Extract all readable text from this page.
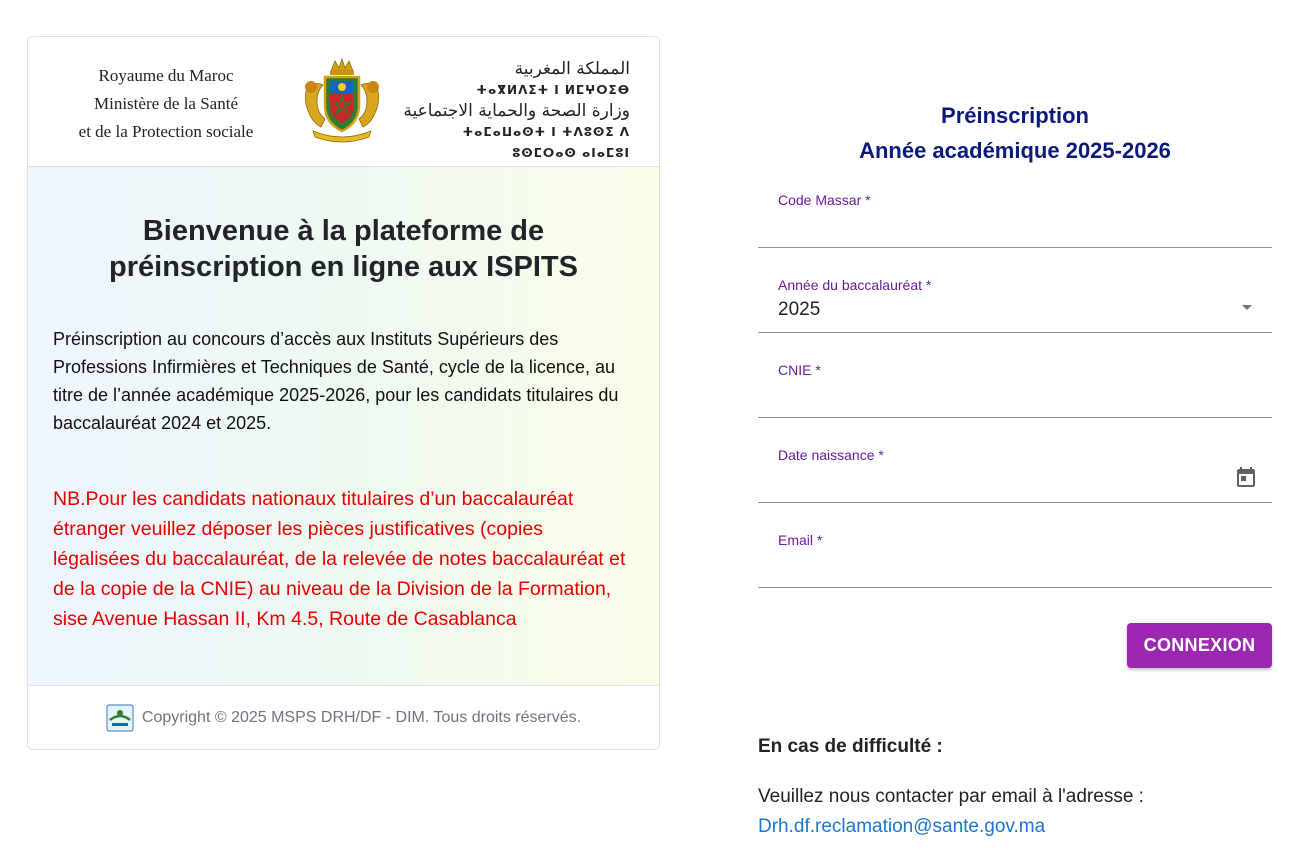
Royaume du Maroc
Ministère de la Santé
et de la Protection sociale
المملكة المغربية
ⵜⴰⴳⵍⴷⵉⵜ ⵏ ⵍⵎⵖⵔⵉⴱ
وزارة الصحة والحماية الاجتماعية
ⵜⴰⵎⴰⵡⴰⵙⵜ ⵏ ⵜⴷⵓⵙⵉ ⴷ ⵓⵙⵎⵔⴰⵙ ⴰⵏⴰⵎⵓⵏ
Bienvenue à la plateforme de préinscription en ligne aux ISPITS

Préinscription au concours d’accès aux Instituts Supérieurs des Professions Infirmières et Techniques de Santé, cycle de la licence, au titre de l’année académique 2025-2026, pour les candidats titulaires du baccalauréat 2024 et 2025.

NB.Pour les candidats nationaux titulaires d’un baccalauréat étranger veuillez déposer les pièces justificatives (copies légalisées du baccalauréat, de la relevée de notes baccalauréat et de la copie de la CNIE) au niveau de la Division de la Formation, sise Avenue Hassan II, Km 4.5, Route de Casablanca

Copyright © 2025 MSPS DRH/DF - DIM. Tous droits réservés.
Préinscription
Année académique 2025-2026
Code Massar *
Année du baccalauréat *
2025
CNIE *
Date naissance *
Email *
CONNEXION
En cas de difficulté :
Veuillez nous contacter par email à l'adresse :
Drh.df.reclamation@sante.gov.ma
